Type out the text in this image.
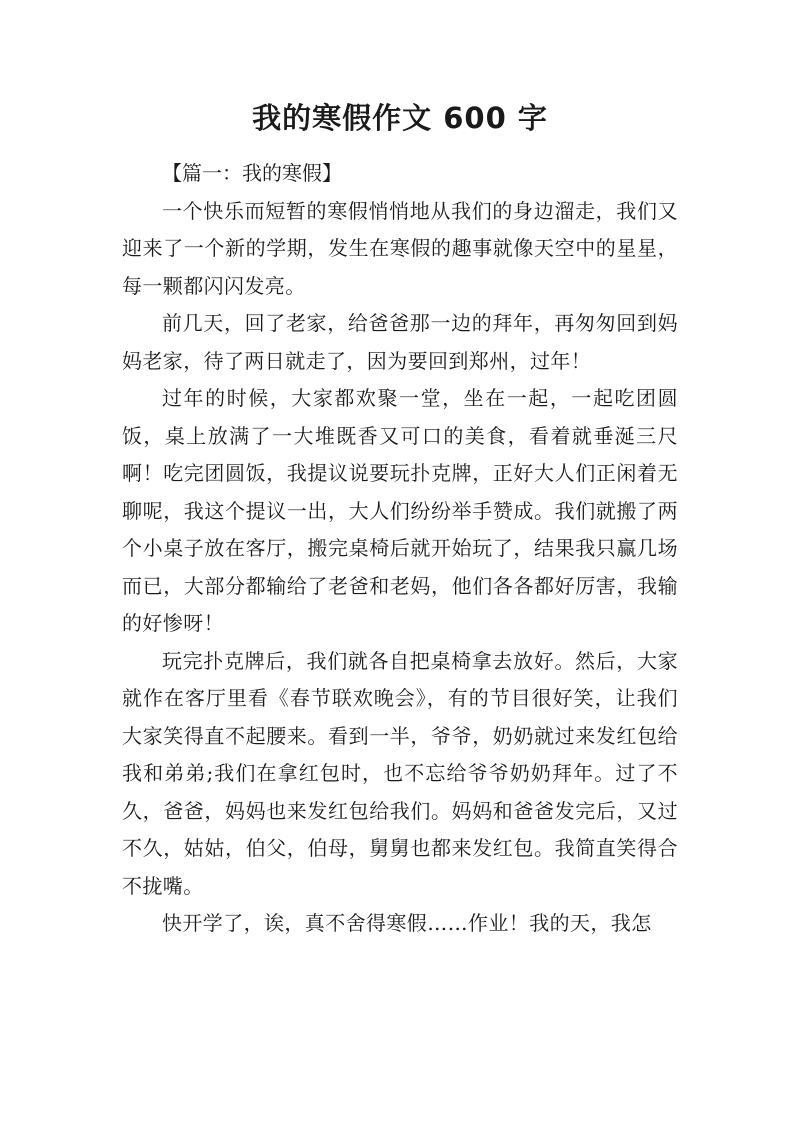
我的寒假作文 600 字

【篇一：我的寒假】

一个快乐而短暂的寒假悄悄地从我们的身边溜走，我们又迎来了一个新的学期，发生在寒假的趣事就像天空中的星星，每一颗都闪闪发亮。

前几天，回了老家，给爸爸那一边的拜年，再匆匆回到妈妈老家，待了两日就走了，因为要回到郑州，过年！

过年的时候，大家都欢聚一堂，坐在一起，一起吃团圆饭，桌上放满了一大堆既香又可口的美食，看着就垂涎三尺啊！吃完团圆饭，我提议说要玩扑克牌，正好大人们正闲着无聊呢，我这个提议一出，大人们纷纷举手赞成。我们就搬了两个小桌子放在客厅，搬完桌椅后就开始玩了，结果我只赢几场而已，大部分都输给了老爸和老妈，他们各各都好厉害，我输的好惨呀！

玩完扑克牌后，我们就各自把桌椅拿去放好。然后，大家就作在客厅里看《春节联欢晚会》，有的节目很好笑，让我们大家笑得直不起腰来。看到一半，爷爷，奶奶就过来发红包给我和弟弟;我们在拿红包时，也不忘给爷爷奶奶拜年。过了不久，爸爸，妈妈也来发红包给我们。妈妈和爸爸发完后，又过不久，姑姑，伯父，伯母，舅舅也都来发红包。我简直笑得合不拢嘴。

快开学了，诶，真不舍得寒假……作业！我的天，我怎
